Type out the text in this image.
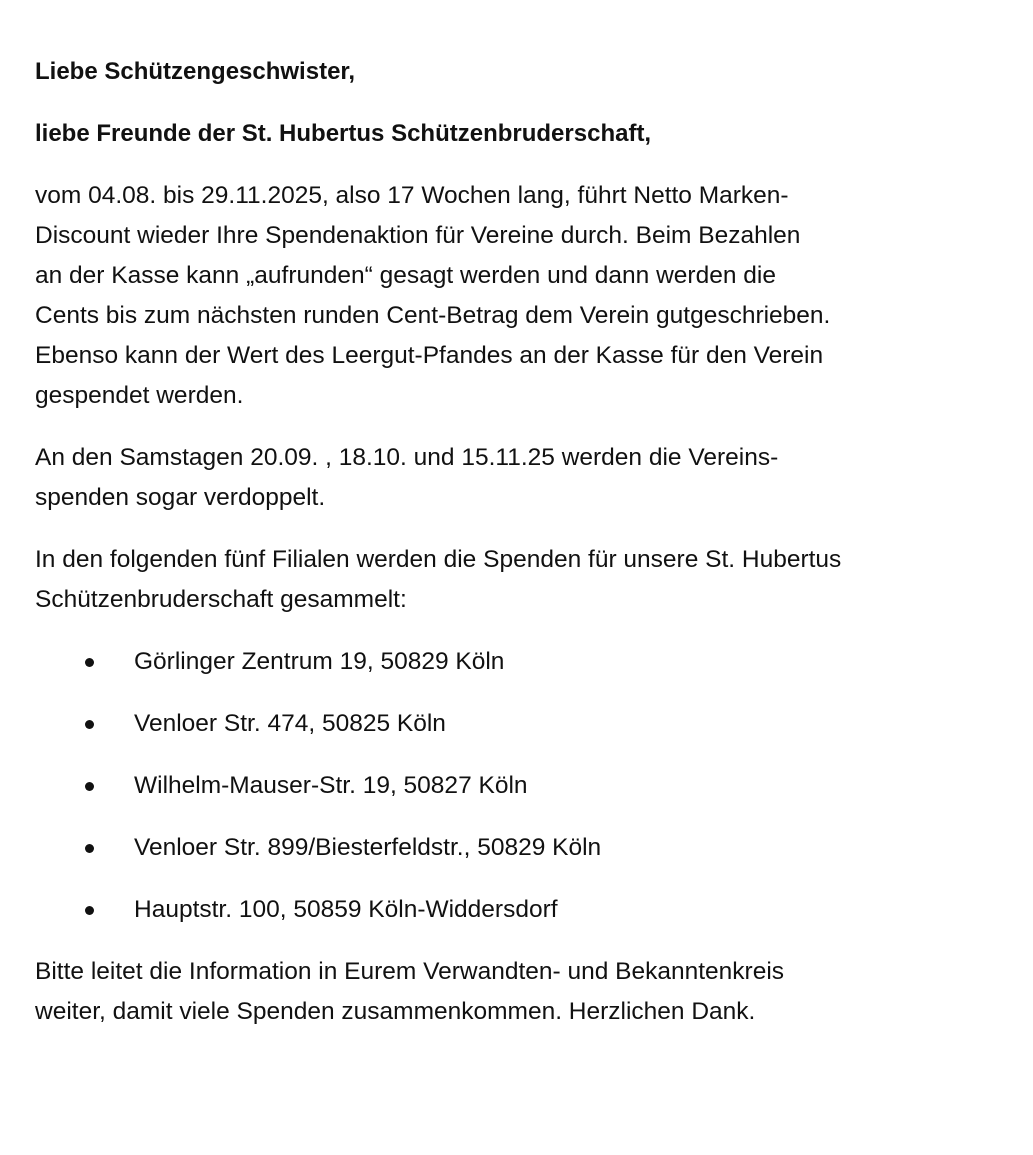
Liebe Schützengeschwister,

liebe Freunde der St. Hubertus Schützenbruderschaft,

vom 04.08. bis 29.11.2025, also 17 Wochen lang, führt Netto Marken-

Discount wieder Ihre Spendenaktion für Vereine durch. Beim Bezahlen

an der Kasse kann „aufrunden“ gesagt werden und dann werden die

Cents bis zum nächsten runden Cent-Betrag dem Verein gutgeschrieben.

Ebenso kann der Wert des Leergut-Pfandes an der Kasse für den Verein

gespendet werden.

An den Samstagen 20.09. , 18.10. und 15.11.25 werden die Vereins-

spenden sogar verdoppelt.

In den folgenden fünf Filialen werden die Spenden für unsere St. Hubertus

Schützenbruderschaft gesammelt:

Görlinger Zentrum 19, 50829 Köln
Venloer Str. 474, 50825 Köln
Wilhelm-Mauser-Str. 19, 50827 Köln
Venloer Str. 899/Biesterfeldstr., 50829 Köln
Hauptstr. 100, 50859 Köln-Widdersdorf

Bitte leitet die Information in Eurem Verwandten- und Bekanntenkreis

weiter, damit viele Spenden zusammenkommen. Herzlichen Dank.
